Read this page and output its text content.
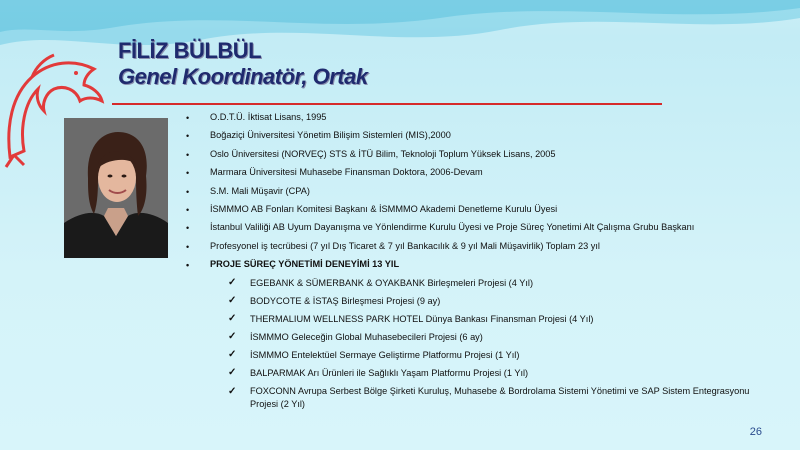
FİLİZ BÜLBÜL
Genel Koordinatör, Ortak
• O.D.T.Ü. İktisat Lisans, 1995
• Boğaziçi Üniversitesi Yönetim Bilişim Sistemleri (MIS),2000
• Oslo Üniversitesi (NORVEÇ) STS & İTÜ Bilim, Teknoloji Toplum Yüksek Lisans, 2005
• Marmara Üniversitesi Muhasebe Finansman Doktora, 2006-Devam
• S.M. Mali Müşavir (CPA)
• İSMMMO AB Fonları Komitesi Başkanı & İSMMMO Akademi Denetleme Kurulu Üyesi
• İstanbul Valiliği AB Uyum Dayanışma ve Yönlendirme Kurulu Üyesi ve Proje Süreç Yonetimi Alt Çalışma Grubu Başkanı
• Profesyonel iş tecrübesi (7 yıl Dış Ticaret & 7 yıl Bankacılık & 9 yıl Mali Müşavirlik) Toplam 23 yıl
• PROJE SÜREÇ YÖNETİMİ DENEYİMİ 13 YIL
✓ EGEBANK & SÜMERBANK & OYAKBANK Birleşmeleri Projesi (4 Yıl)
✓ BODYCOTE & İSTAŞ Birleşmesi Projesi (9 ay)
✓ THERMALIUM WELLNESS PARK HOTEL Dünya Bankası Finansman Projesi (4 Yıl)
✓ İSMMMO Geleceğin Global Muhasebecileri Projesi (6 ay)
✓ İSMMMO Entelektüel Sermaye Geliştirme Platformu Projesi (1 Yıl)
✓ BALPARMAK Arı Ürünleri ile Sağlıklı Yaşam Platformu Projesi (1 Yıl)
✓ FOXCONN Avrupa Serbest Bölge Şirketi Kuruluş, Muhasebe & Bordrolama Sistemi Yönetimi ve SAP Sistem Entegrasyonu Projesi (2 Yıl)
26
